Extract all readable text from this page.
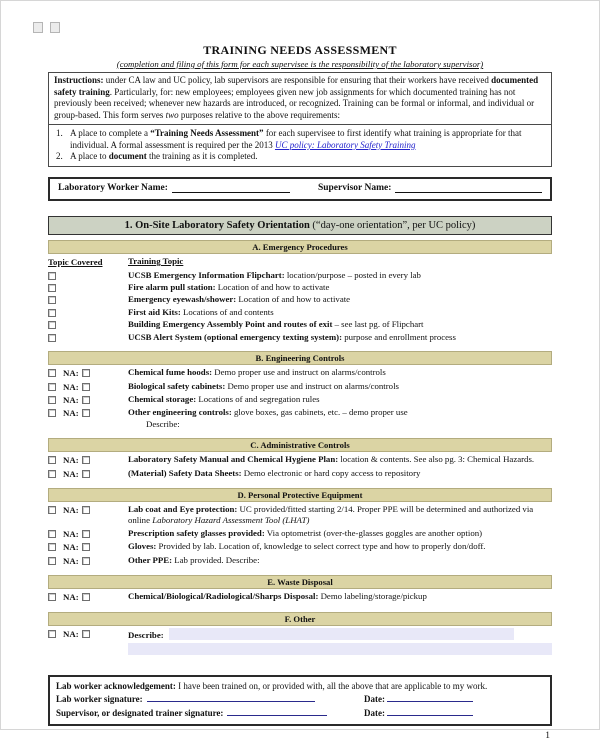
TRAINING NEEDS ASSESSMENT
(completion and filing of this form for each supervisee is the responsibility of the laboratory supervisor)

Instructions: under CA law and UC policy, lab supervisors are responsible for ensuring that their workers have received documented safety training. Particularly, for: new employees; employees given new job assignments for which documented training has not previously been received; whenever new hazards are introduced, or recognized. Training can be formal or informal, and individual or group-based. This form serves two purposes relative to the above requirements:

1. A place to complete a “Training Needs Assessment” for each supervisee to first identify what training is appropriate for that individual. A formal assessment is required per the 2013 UC policy: Laboratory Safety Training
2. A place to document the training as it is completed.
Laboratory Worker Name:	Supervisor Name:
1. On-Site Laboratory Safety Orientation (“day-one orientation”, per UC policy)
A. Emergency Procedures
Topic Covered	Training Topic
UCSB Emergency Information Flipchart: location/purpose – posted in every lab
Fire alarm pull station: Location of and how to activate
Emergency eyewash/shower: Location of and how to activate
First aid Kits: Locations of and contents
Building Emergency Assembly Point and routes of exit – see last pg. of Flipchart
UCSB Alert System (optional emergency texting system): purpose and enrollment process
B. Engineering Controls
NA:	Chemical fume hoods: Demo proper use and instruct on alarms/controls
NA:	Biological safety cabinets: Demo proper use and instruct on alarms/controls
NA:	Chemical storage: Locations of and segregation rules
NA:	Other engineering controls: glove boxes, gas cabinets, etc. – demo proper use
Describe:
C. Administrative Controls
NA:	Laboratory Safety Manual and Chemical Hygiene Plan: location & contents. See also pg. 3: Chemical Hazards.
NA:	(Material) Safety Data Sheets: Demo electronic or hard copy access to repository
D. Personal Protective Equipment
NA:	Lab coat and Eye protection: UC provided/fitted starting 2/14. Proper PPE will be determined and authorized via online Laboratory Hazard Assessment Tool (LHAT)
NA:	Prescription safety glasses provided: Via optometrist (over-the-glasses goggles are another option)
NA:	Gloves: Provided by lab. Location of, knowledge to select correct type and how to properly don/doff.
NA:	Other PPE: Lab provided. Describe:
E. Waste Disposal
NA:	Chemical/Biological/Radiological/Sharps Disposal: Demo labeling/storage/pickup
F. Other
NA:	Describe:
Lab worker acknowledgement: I have been trained on, or provided with, all the above that are applicable to my work.
Lab worker signature:	Date:
Supervisor, or designated trainer signature:	Date:
1
